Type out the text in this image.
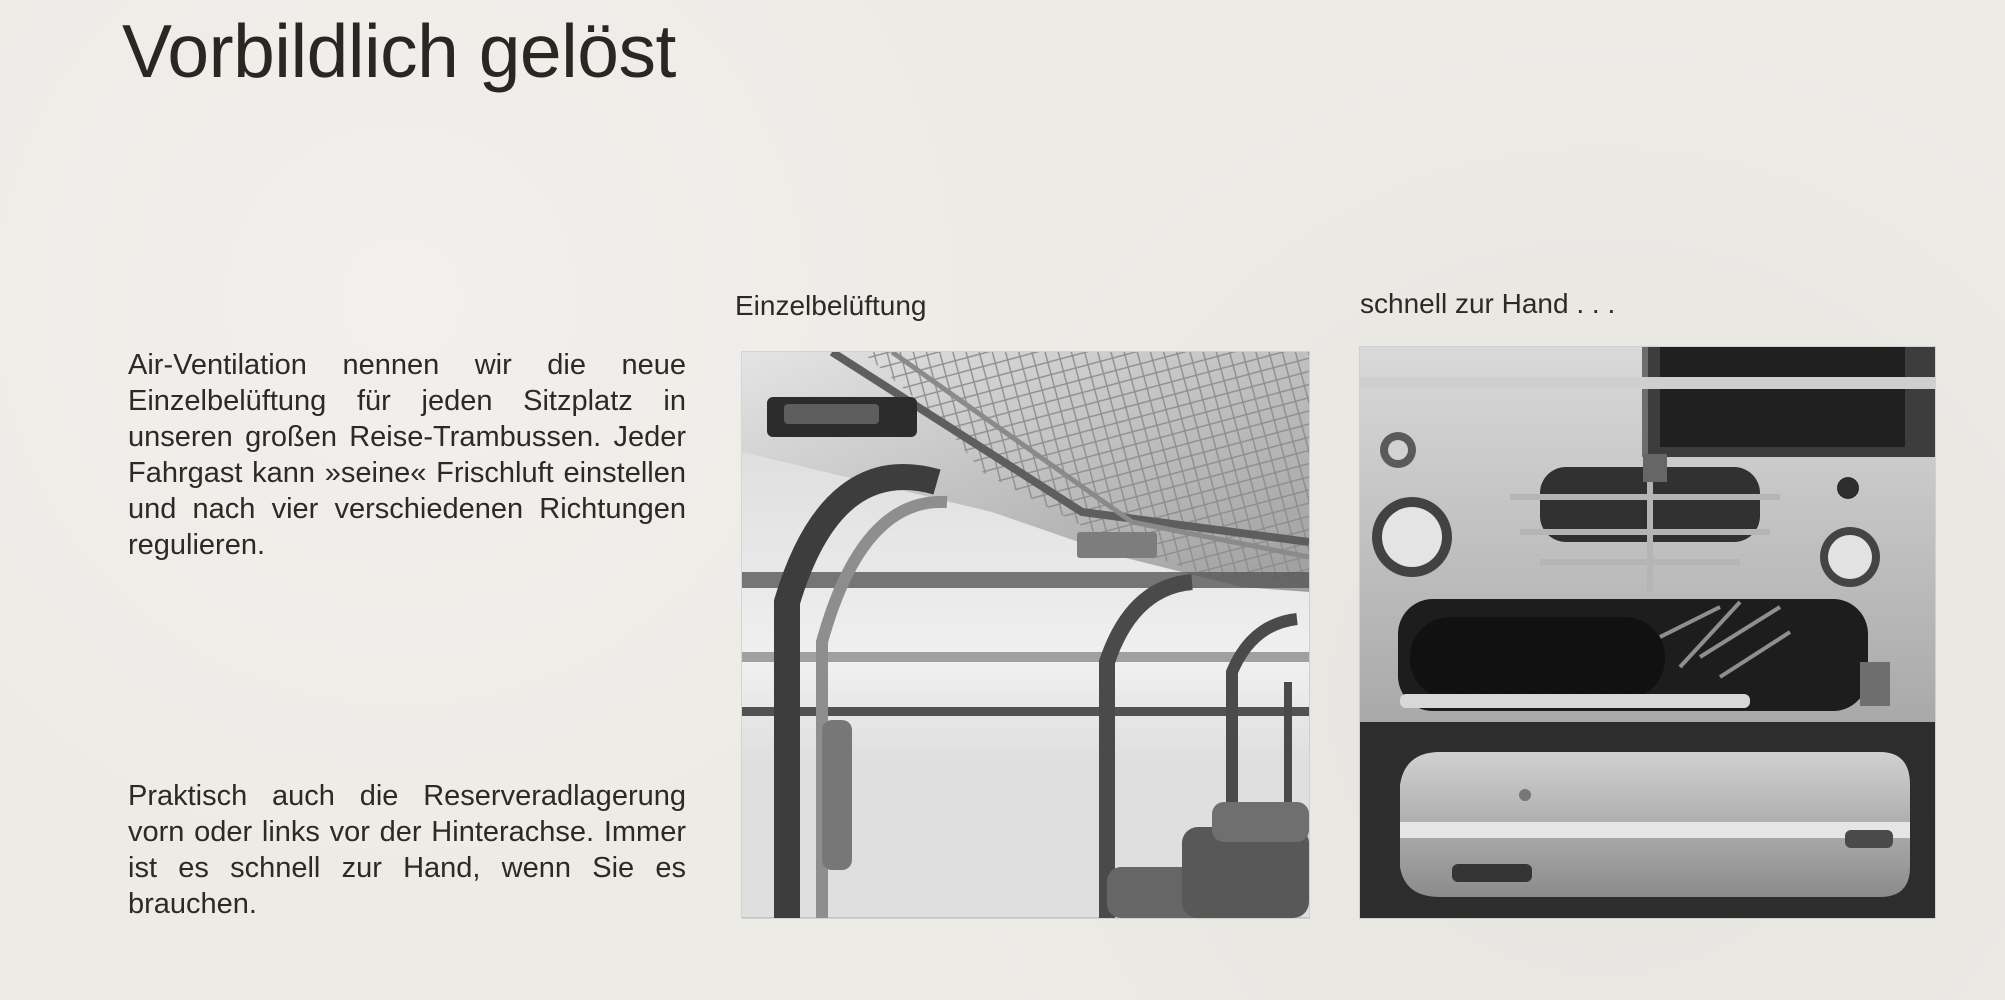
Vorbildlich gelöst

Air-Ventilation nennen wir die neue Einzelbelüftung für jeden Sitzplatz in unseren großen Reise-Trambussen. Jeder Fahrgast kann »seine« Frischluft einstellen und nach vier verschiedenen Richtungen regulieren.

Praktisch auch die Reserveradlagerung vorn oder links vor der Hinterachse. Immer ist es schnell zur Hand, wenn Sie es brauchen.

Einzelbelüftung	schnell zur Hand . . .
